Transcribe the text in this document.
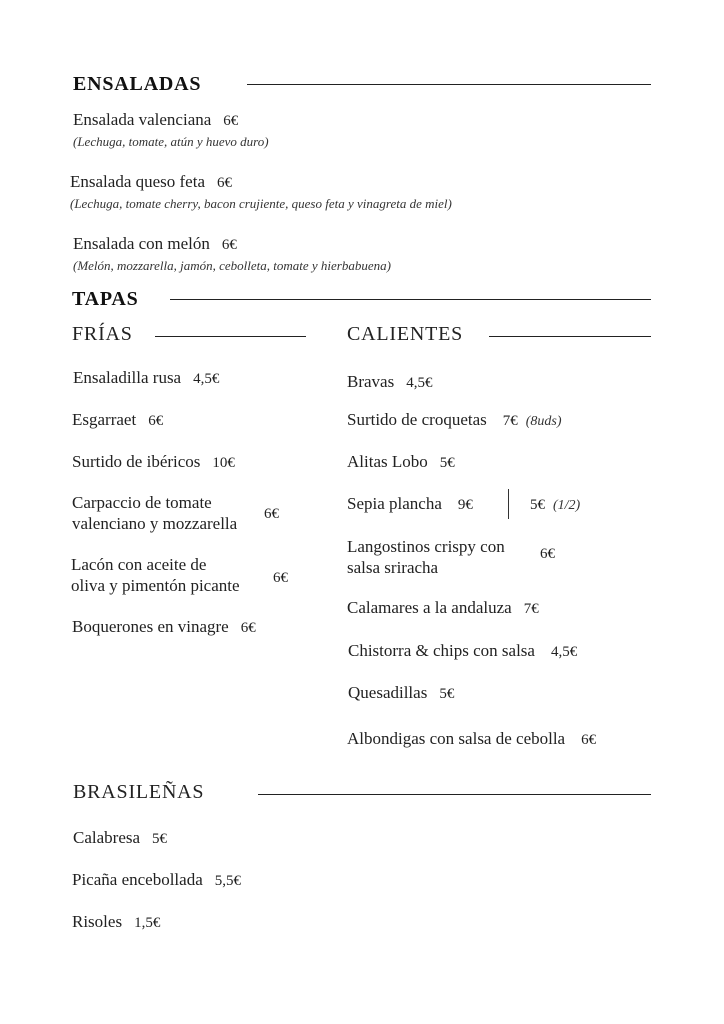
ENSALADAS
Ensalada valenciana 6€
(Lechuga, tomate, atún y huevo duro)
Ensalada queso feta 6€
(Lechuga, tomate cherry, bacon crujiente, queso feta y vinagreta de miel)
Ensalada con melón 6€
(Melón, mozzarella, jamón, cebolleta, tomate y hierbabuena)
TAPAS
FRÍAS
Ensaladilla rusa 4,5€
Esgarraet 6€
Surtido de ibéricos 10€
Carpaccio de tomate
valenciano y mozzarella 6€
Lacón con aceite de
oliva y pimentón picante 6€
Boquerones en vinagre 6€
CALIENTES
Bravas 4,5€
Surtido de croquetas 7€ (8uds)
Alitas Lobo 5€
Sepia plancha 9€	5€ (1/2)
Langostinos crispy con
salsa sriracha
6€
Calamares a la andaluza 7€
Chistorra & chips con salsa 4,5€
Quesadillas 5€
Albondigas con salsa de cebolla 6€
BRASILEÑAS
Calabresa 5€
Picaña encebollada 5,5€
Risoles 1,5€
